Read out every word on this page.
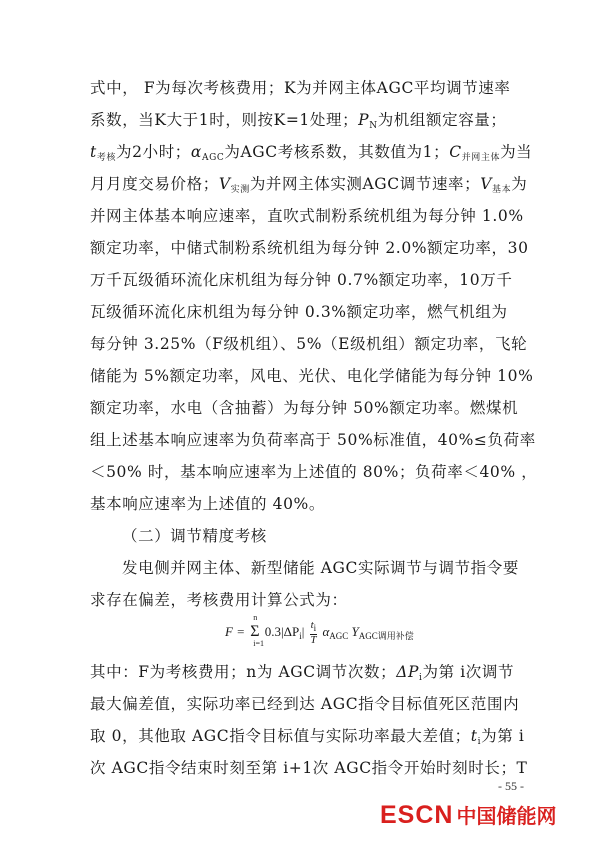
式中， F为每次考核费用；K为并网主体AGC平均调节速率
系数，当K大于1时，则按K=1处理；$P_N$为机组额定容量；
$t_{考核}$为2小时；$\alpha_{AGC}$为AGC考核系数，其数值为1；$C_{并网主体}$为当
月月度交易价格；$V_{实测}$为并网主体实测AGC调节速率；$V_{基本}$为
并网主体基本响应速率，直吹式制粉系统机组为每分钟 1.0%
额定功率，中储式制粉系统机组为每分钟 2.0%额定功率，30
万千瓦级循环流化床机组为每分钟 0.7%额定功率，10万千
瓦级循环流化床机组为每分钟 0.3%额定功率，燃气机组为
每分钟 3.25%（F级机组）、5%（E级机组）额定功率，飞轮
储能为 5%额定功率，风电、光伏、电化学储能为每分钟 10%
额定功率，水电（含抽蓄）为每分钟 50%额定功率。燃煤机
组上述基本响应速率为负荷率高于 50%标准值，40%≤负荷率
＜50% 时，基本响应速率为上述值的 80%；负荷率＜40% ，
基本响应速率为上述值的 40%。
（二）调节精度考核
发电侧并网主体、新型储能 AGC实际调节与调节指令要
求存在偏差，考核费用计算公式为：
其中：F为考核费用；n为 AGC调节次数；$\Delta P_i$为第 i次调节
最大偏差值，实际功率已经到达 AGC指令目标值死区范围内
取 0，其他取 AGC指令目标值与实际功率最大差值；$t_i$为第 i
次 AGC指令结束时刻至第 i+1次 AGC指令开始时刻时长；T
F =
n
Σ
i=1
$0.3|\Delta P_i| \frac{t_i}{T} \alpha_{AGC}$ $Y_{AGC调用补偿}$
- 55 -
ESCN 中国储能网
